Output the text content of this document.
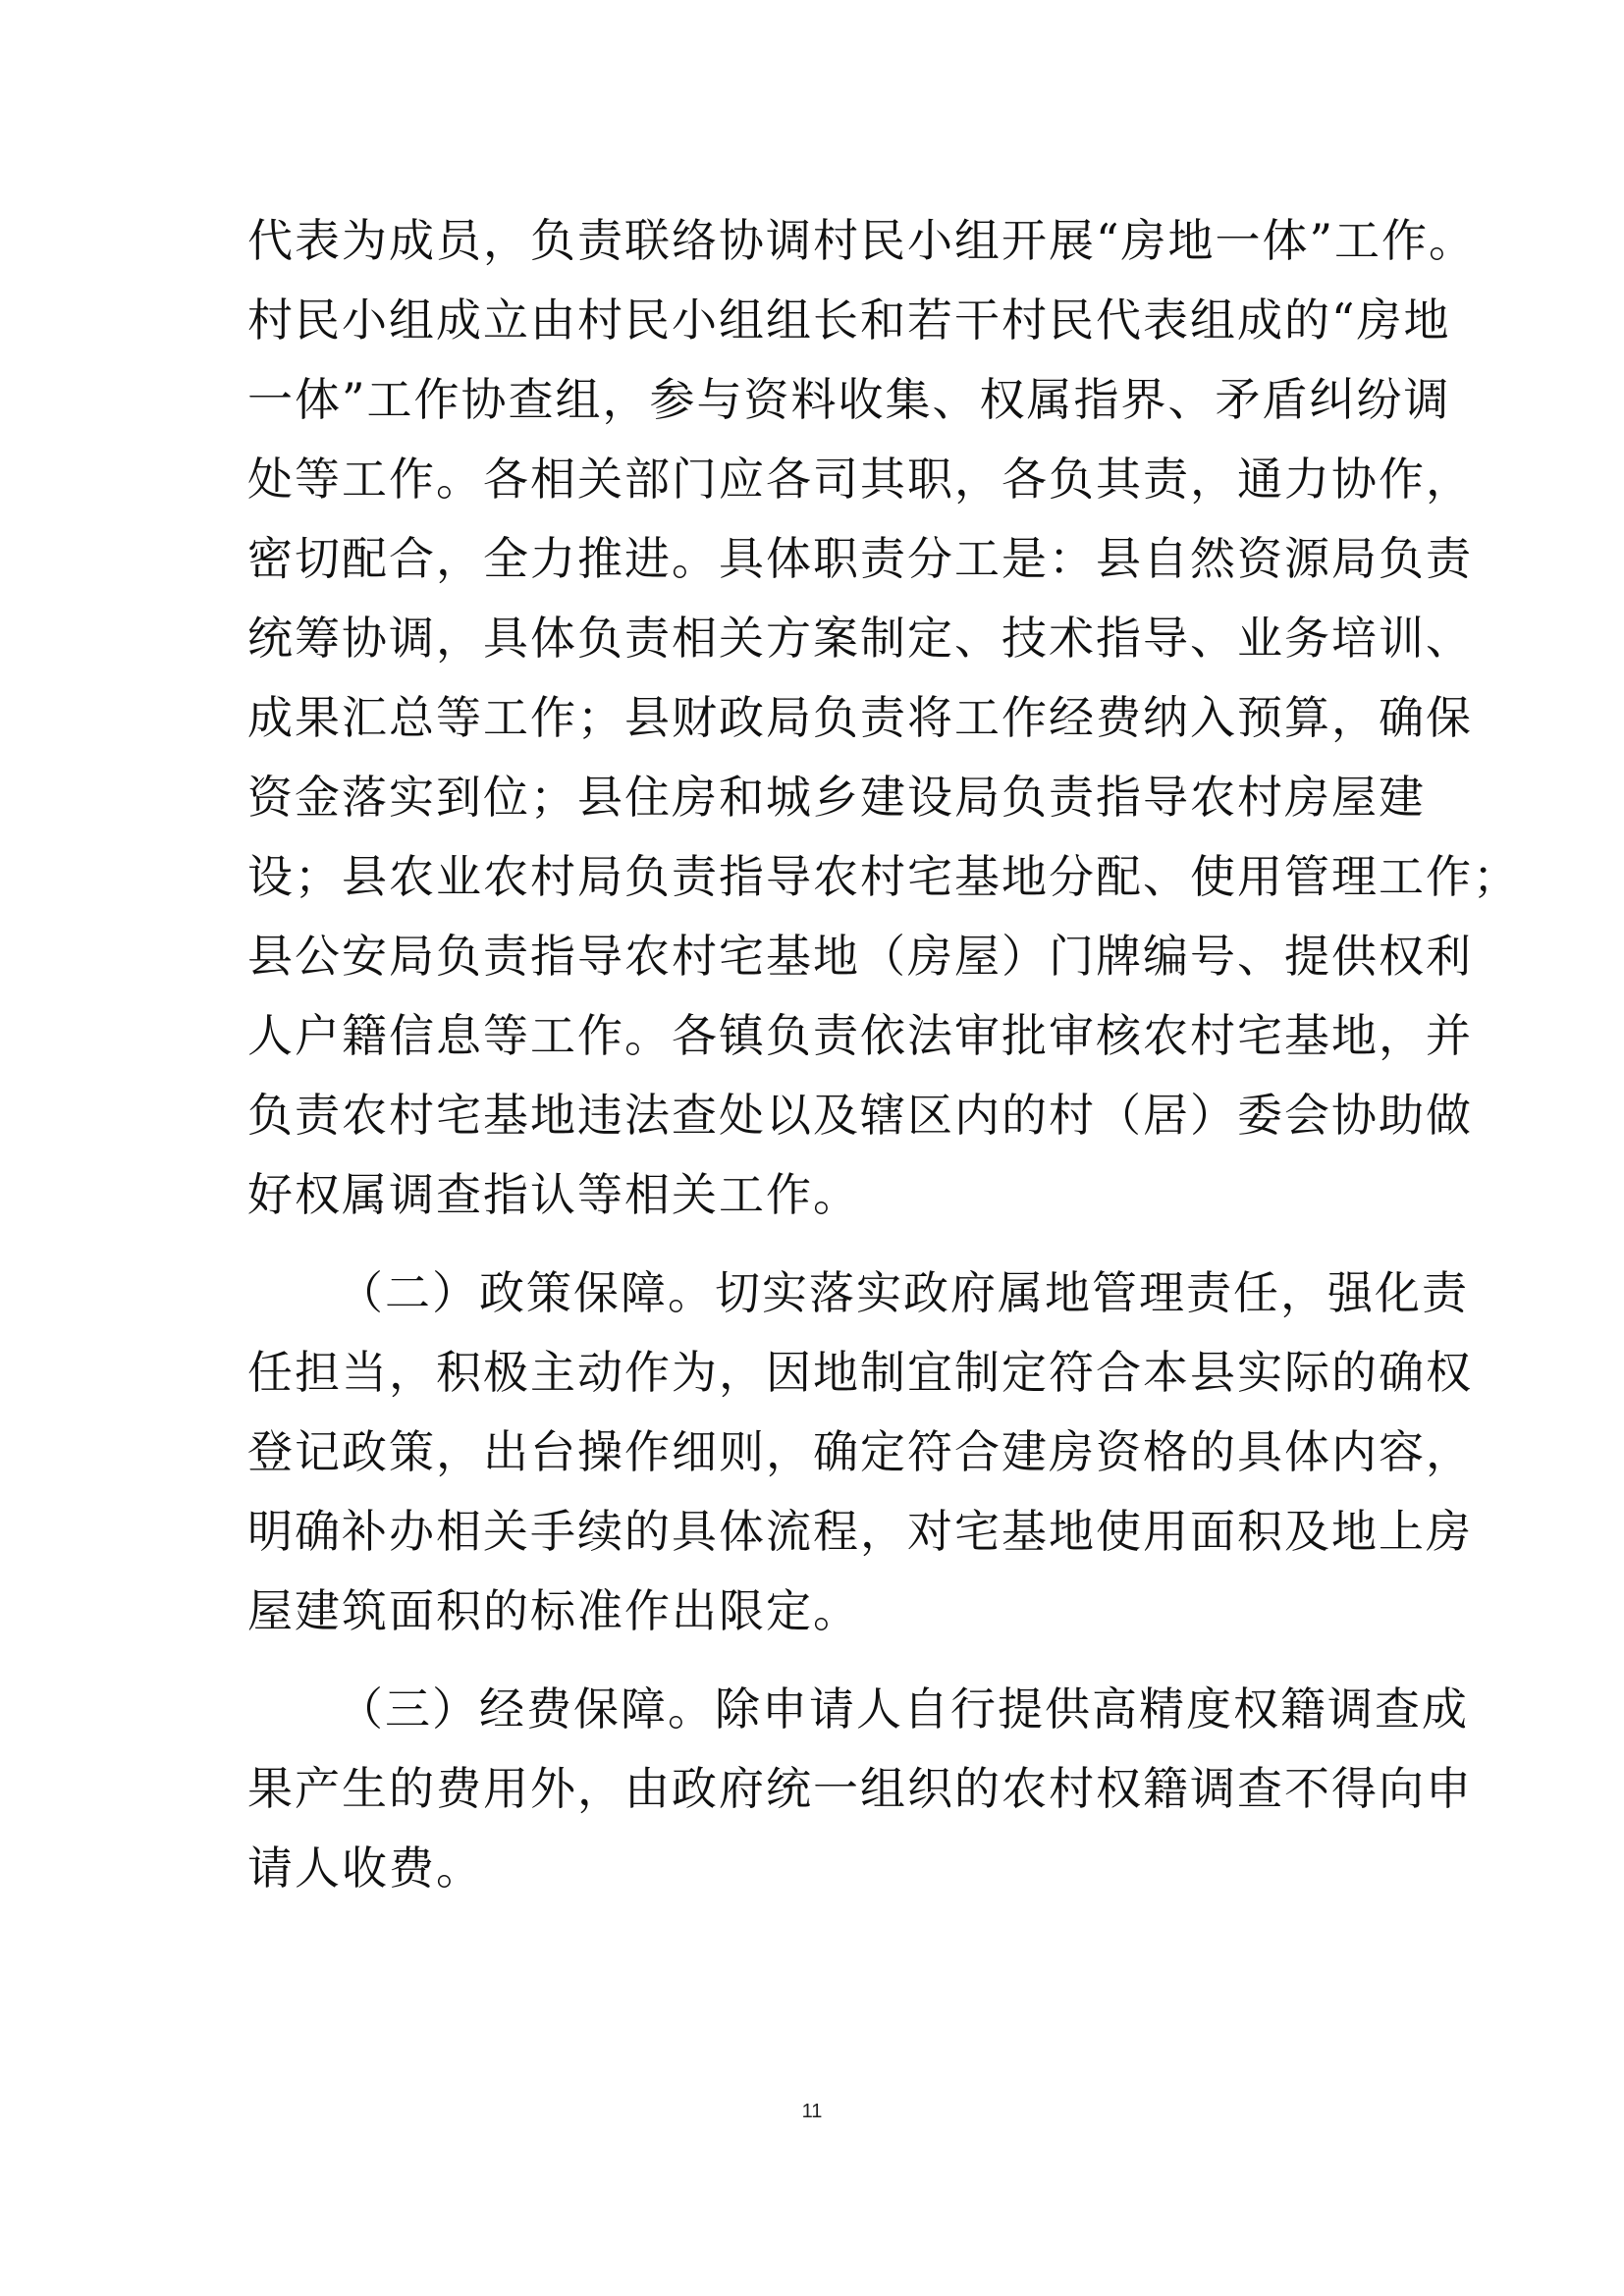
代表为成员，负责联络协调村民小组开展“房地一体”工作。
村民小组成立由村民小组组长和若干村民代表组成的“房地
一体”工作协查组，参与资料收集、权属指界、矛盾纠纷调
处等工作。各相关部门应各司其职，各负其责，通力协作，
密切配合，全力推进。具体职责分工是：县自然资源局负责
统筹协调，具体负责相关方案制定、技术指导、业务培训、
成果汇总等工作；县财政局负责将工作经费纳入预算，确保
资金落实到位；县住房和城乡建设局负责指导农村房屋建
设；县农业农村局负责指导农村宅基地分配、使用管理工作；
县公安局负责指导农村宅基地（房屋）门牌编号、提供权利
人户籍信息等工作。各镇负责依法审批审核农村宅基地，并
负责农村宅基地违法查处以及辖区内的村（居）委会协助做
好权属调查指认等相关工作。
（二）政策保障。切实落实政府属地管理责任，强化责
任担当，积极主动作为，因地制宜制定符合本县实际的确权
登记政策，出台操作细则，确定符合建房资格的具体内容，
明确补办相关手续的具体流程，对宅基地使用面积及地上房
屋建筑面积的标准作出限定。
（三）经费保障。除申请人自行提供高精度权籍调查成
果产生的费用外，由政府统一组织的农村权籍调查不得向申
请人收费。
11
